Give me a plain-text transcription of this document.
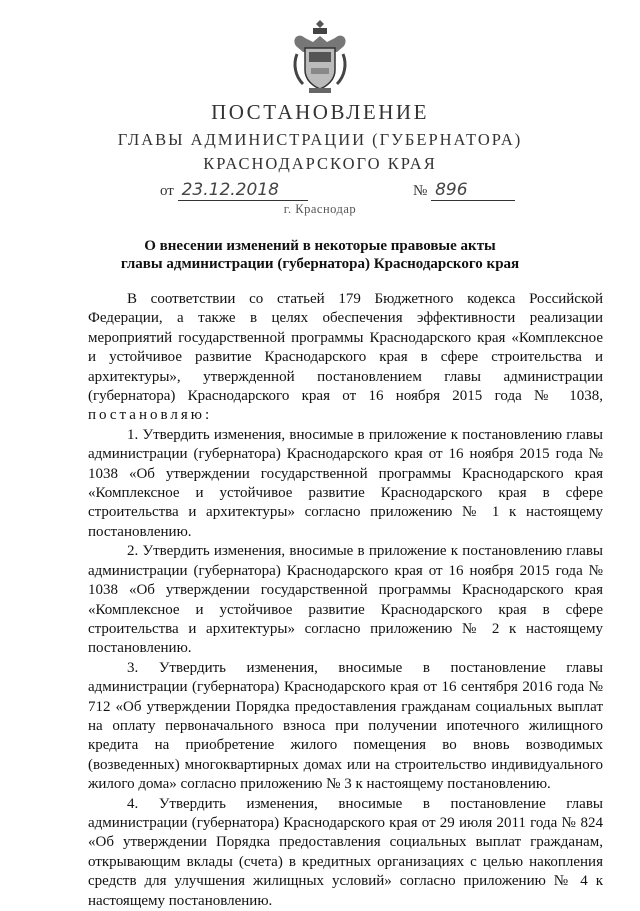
ПОСТАНОВЛЕНИЕ
ГЛАВЫ АДМИНИСТРАЦИИ (ГУБЕРНАТОРА)
КРАСНОДАРСКОГО КРАЯ
от 23.12.2018	№ 896
г. Краснодар
О внесении изменений в некоторые правовые акты
главы администрации (губернатора) Краснодарского края

В соответствии со статьей 179 Бюджетного кодекса Российской Федерации, а также в целях обеспечения эффективности реализации мероприятий государственной программы Краснодарского края «Комплексное и устойчивое развитие Краснодарского края в сфере строительства и архитектуры», утвержденной постановлением главы администрации (губернатора) Краснодарского края от 16 ноября 2015 года № 1038, постановляю:

1. Утвердить изменения, вносимые в приложение к постановлению главы администрации (губернатора) Краснодарского края от 16 ноября 2015 года № 1038 «Об утверждении государственной программы Краснодарского края «Комплексное и устойчивое развитие Краснодарского края в сфере строительства и архитектуры» согласно приложению № 1 к настоящему постановлению.

2. Утвердить изменения, вносимые в приложение к постановлению главы администрации (губернатора) Краснодарского края от 16 ноября 2015 года № 1038 «Об утверждении государственной программы Краснодарского края «Комплексное и устойчивое развитие Краснодарского края в сфере строительства и архитектуры» согласно приложению № 2 к настоящему постановлению.

3. Утвердить изменения, вносимые в постановление главы администрации (губернатора) Краснодарского края от 16 сентября 2016 года № 712 «Об утверждении Порядка предоставления гражданам социальных выплат на оплату первоначального взноса при получении ипотечного жилищного кредита на приобретение жилого помещения во вновь возводимых (возведенных) многоквартирных домах или на строительство индивидуального жилого дома» согласно приложению № 3 к настоящему постановлению.

4. Утвердить изменения, вносимые в постановление главы администрации (губернатора) Краснодарского края от 29 июля 2011 года № 824 «Об утверждении Порядка предоставления социальных выплат гражданам, открывающим вклады (счета) в кредитных организациях с целью накопления средств для улучшения жилищных условий» согласно приложению № 4 к настоящему постановлению.
